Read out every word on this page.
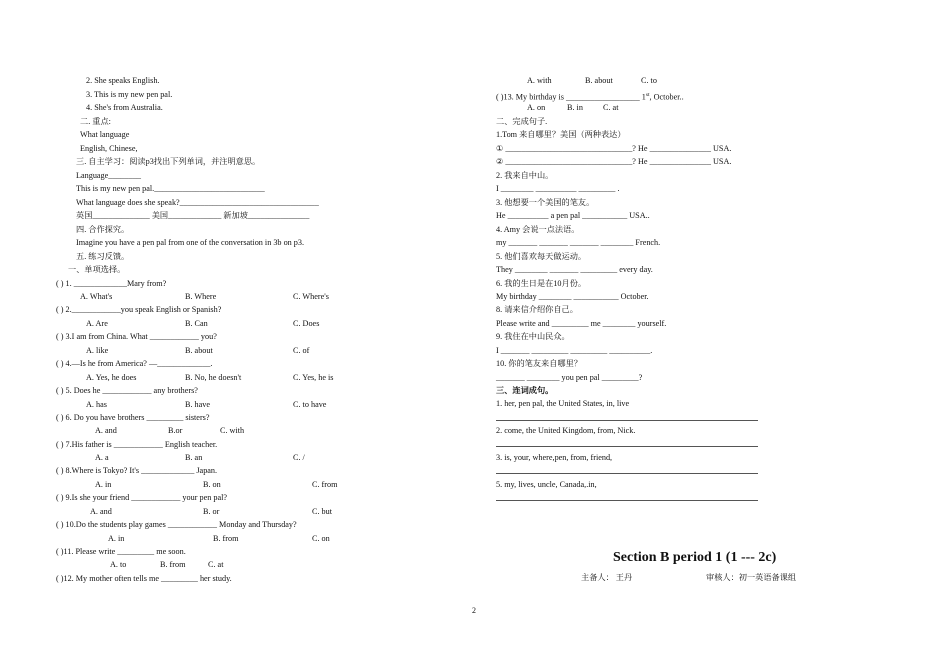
2. She speaks English.
3. This is my new pen pal.
4. She's from Australia.
二. 重点:
What language
English, Chinese,
三. 自主学习：阅读p3找出下列单词，并注明意思。
Language________
This is my new pen pal.___________________________
What language does she speak?__________________________________
英国______________ 美国_____________ 新加坡_______________
四. 合作探究。
Imagine you have a pen pal from one of the conversation in 3b on p3.
五. 练习反馈。
一、单项选择。
( ) 1. _____________Mary from?
A. What's	B. Where	C. Where's
( ) 2.____________you speak English or Spanish?
A. Are	B. Can	C. Does
( ) 3.I am from China. What ____________ you?
A. like	B. about	C. of
( ) 4.—Is he from America? —_____________.
A. Yes, he does	B. No, he doesn't	C. Yes, he is
( ) 5. Does he ____________ any brothers?
A. has	B. have	C. to have
( ) 6. Do you have brothers _________ sisters?
A. and	B.or	C. with
( ) 7.His father is ____________ English teacher.
A. a	B. an	C. /
( ) 8.Where is Tokyo? It's _____________ Japan.
A. in	B. on	C. from
( ) 9.Is she your friend ____________ your pen pal?
A. and	B. or	C. but
( ) 10.Do the students play games ____________ Monday and Thursday?
A. in	B. from	C. on
( )11. Please write _________ me soon.
A. to	B. from	C. at
( )12. My mother often tells me _________ her study.
A. with	B. about	C. to
( )13. My birthday is __________________ 1st, October..
A. on	B. in C. at
二、完成句子.
1.Tom 来自哪里？美国（两种表达）
① _______________________________? He _______________ USA.
② _______________________________? He _______________ USA.
2. 我来自中山。
I ________ __________ _________ .
3. 他想要一个美国的笔友。
He __________ a pen pal ___________ USA..
4. Amy 会说一点法语。
my _______ _______ _______ ________ French.
5. 他们喜欢每天做运动。
They ________ _______ _________ every day.
6. 我的生日是在10月份。
My birthday ________ ___________ October.
8. 请来信介绍你自己。
Please write and _________ me ________ yourself.
9. 我住在中山民众。
I _______ _________ _________ __________.
10. 你的笔友来自哪里？
_______ ________ you pen pal _________?
三、连词成句。
1. her, pen pal, the United States, in, live
2. come, the United Kingdom, from, Nick.
3. is, your, where,pen, from, friend,
5. my, lives, uncle, Canada,.in,
Section B period 1 (1 --- 2c)
主备人： 王丹	审核人：初一英语备课组
2
